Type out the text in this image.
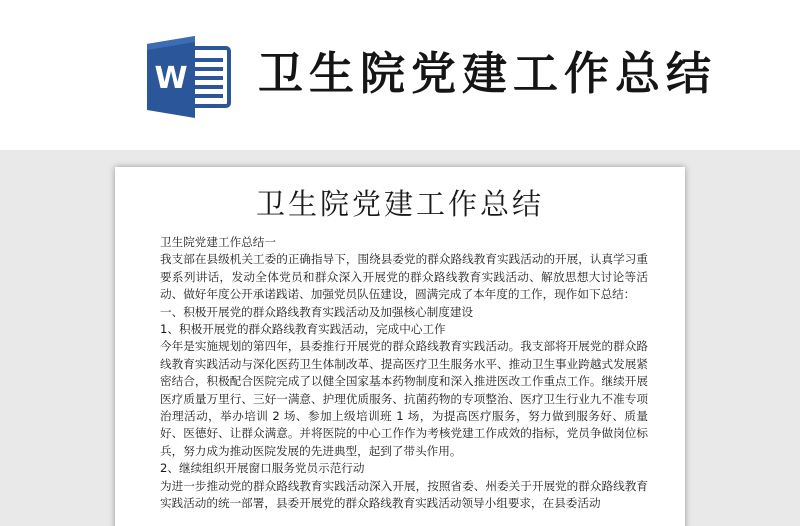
W 卫生院党建工作总结
卫生院党建工作总结

卫生院党建工作总结一

我支部在县级机关工委的正确指导下，围绕县委党的群众路线教育实践活动的开展，认真学习重要系列讲话，发动全体党员和群众深入开展党的群众路线教育实践活动、解放思想大讨论等活动、做好年度公开承诺践诺、加强党员队伍建设，圆满完成了本年度的工作，现作如下总结：

一、积极开展党的群众路线教育实践活动及加强核心制度建设

1、积极开展党的群众路线教育实践活动，完成中心工作

今年是实施规划的第四年，县委推行开展党的群众路线教育实践活动。我支部将开展党的群众路线教育实践活动与深化医药卫生体制改革、提高医疗卫生服务水平、推动卫生事业跨越式发展紧密结合，积极配合医院完成了以健全国家基本药物制度和深入推进医改工作重点工作。继续开展医疗质量万里行、三好一满意、护理优质服务、抗菌药物的专项整治、医疗卫生行业九不准专项治理活动，举办培训 2 场、参加上级培训班 1 场，为提高医疗服务，努力做到服务好、质量好、医德好、让群众满意。并将医院的中心工作作为考核党建工作成效的指标，党员争做岗位标兵，努力成为推动医院发展的先进典型，起到了带头作用。

2、继续组织开展窗口服务党员示范行动

为进一步推动党的群众路线教育实践活动深入开展，按照省委、州委关于开展党的群众路线教育实践活动的统一部署，县委开展党的群众路线教育实践活动领导小组要求，在县委活动
